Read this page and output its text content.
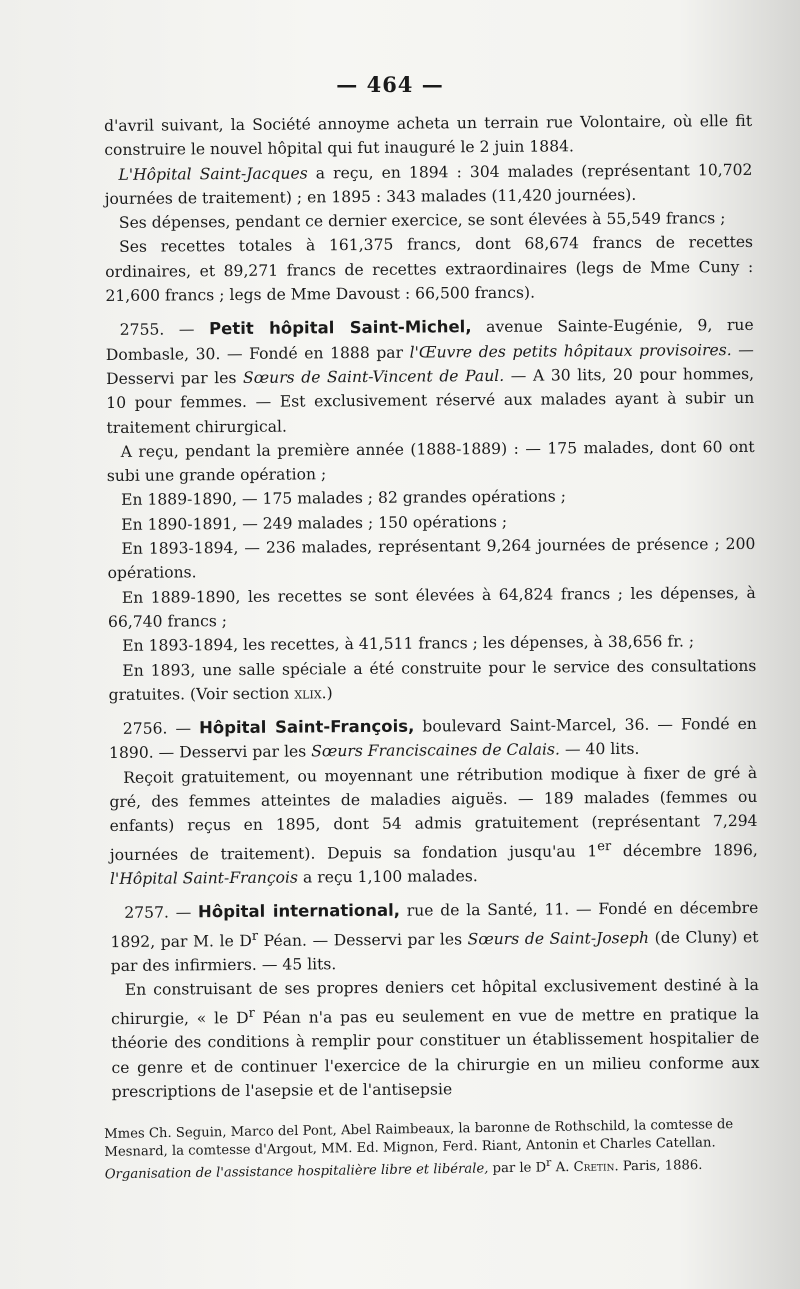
— 464 —

d'avril suivant, la Société annoyme acheta un terrain rue Volontaire, où elle fit construire le nouvel hôpital qui fut inauguré le 2 juin 1884.

L'Hôpital Saint-Jacques a reçu, en 1894 : 304 malades (représentant 10,702 journées de traitement) ; en 1895 : 343 malades (11,420 journées).

Ses dépenses, pendant ce dernier exercice, se sont élevées à 55,549 francs ;

Ses recettes totales à 161,375 francs, dont 68,674 francs de recettes ordinaires, et 89,271 francs de recettes extraordinaires (legs de Mme Cuny : 21,600 francs ; legs de Mme Davoust : 66,500 francs).

2755. — Petit hôpital Saint-Michel, avenue Sainte-Eugénie, 9, rue Dombasle, 30. — Fondé en 1888 par l'Œuvre des petits hôpitaux provisoires. — Desservi par les Sœurs de Saint-Vincent de Paul. — A 30 lits, 20 pour hommes, 10 pour femmes. — Est exclusivement réservé aux malades ayant à subir un traitement chirurgical.

A reçu, pendant la première année (1888-1889) : — 175 malades, dont 60 ont subi une grande opération ;

En 1889-1890, — 175 malades ; 82 grandes opérations ;

En 1890-1891, — 249 malades ; 150 opérations ;

En 1893-1894, — 236 malades, représentant 9,264 journées de présence ; 200 opérations.

En 1889-1890, les recettes se sont élevées à 64,824 francs ; les dépenses, à 66,740 francs ;

En 1893-1894, les recettes, à 41,511 francs ; les dépenses, à 38,656 fr. ;

En 1893, une salle spéciale a été construite pour le service des consultations gratuites. (Voir section xlix.)

2756. — Hôpital Saint-François, boulevard Saint-Marcel, 36. — Fondé en 1890. — Desservi par les Sœurs Franciscaines de Calais. — 40 lits.

Reçoit gratuitement, ou moyennant une rétribution modique à fixer de gré à gré, des femmes atteintes de maladies aiguës. — 189 malades (femmes ou enfants) reçus en 1895, dont 54 admis gratuitement (représentant 7,294 journées de traitement). Depuis sa fondation jusqu'au 1er décembre 1896, l'Hôpital Saint-François a reçu 1,100 malades.

2757. — Hôpital international, rue de la Santé, 11. — Fondé en décembre 1892, par M. le $D^r$ Péan. — Desservi par les Sœurs de Saint-Joseph (de Cluny) et par des infirmiers. — 45 lits.

En construisant de ses propres deniers cet hôpital exclusivement destiné à la chirurgie, « le $D^r$ Péan n'a pas eu seulement en vue de mettre en pratique la théorie des conditions à remplir pour constituer un établissement hospitalier de ce genre et de continuer l'exercice de la chirurgie en un milieu conforme aux prescriptions de l'asepsie et de l'antisepsie

Mmes Ch. Seguin, Marco del Pont, Abel Raimbeaux, la baronne de Rothschild, la comtesse de Mesnard, la comtesse d'Argout, MM. Ed. Mignon, Ferd. Riant, Antonin et Charles Catellan.

Organisation de l'assistance hospitalière libre et libérale, par le $D^r$ A. Cretin. Paris, 1886.
